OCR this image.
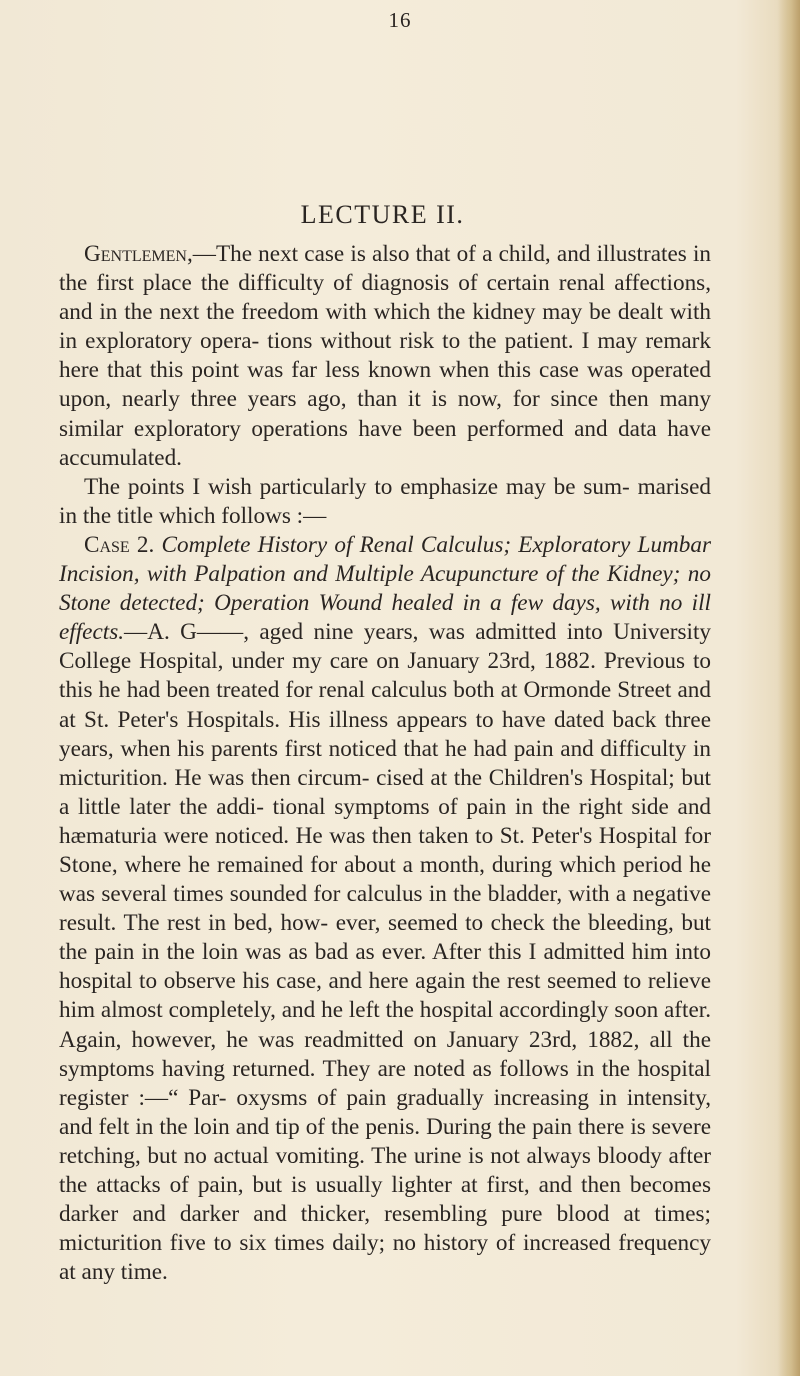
16
LECTURE II.

Gentlemen,—The next case is also that of a child, and illustrates in the first place the difficulty of diagnosis of certain renal affections, and in the next the freedom with which the kidney may be dealt with in exploratory opera- tions without risk to the patient. I may remark here that this point was far less known when this case was operated upon, nearly three years ago, than it is now, for since then many similar exploratory operations have been performed and data have accumulated.

The points I wish particularly to emphasize may be sum- marised in the title which follows :—

Case 2. Complete History of Renal Calculus; Exploratory Lumbar Incision, with Palpation and Multiple Acupuncture of the Kidney; no Stone detected; Operation Wound healed in a few days, with no ill effects.—A. G——, aged nine years, was admitted into University College Hospital, under my care on January 23rd, 1882. Previous to this he had been treated for renal calculus both at Ormonde Street and at St. Peter's Hospitals. His illness appears to have dated back three years, when his parents first noticed that he had pain and difficulty in micturition. He was then circum- cised at the Children's Hospital; but a little later the addi- tional symptoms of pain in the right side and hæmaturia were noticed. He was then taken to St. Peter's Hospital for Stone, where he remained for about a month, during which period he was several times sounded for calculus in the bladder, with a negative result. The rest in bed, how- ever, seemed to check the bleeding, but the pain in the loin was as bad as ever. After this I admitted him into hospital to observe his case, and here again the rest seemed to relieve him almost completely, and he left the hospital accordingly soon after. Again, however, he was readmitted on January 23rd, 1882, all the symptoms having returned. They are noted as follows in the hospital register :—“ Par- oxysms of pain gradually increasing in intensity, and felt in the loin and tip of the penis. During the pain there is severe retching, but no actual vomiting. The urine is not always bloody after the attacks of pain, but is usually lighter at first, and then becomes darker and darker and thicker, resembling pure blood at times; micturition five to six times daily; no history of increased frequency at any time.
